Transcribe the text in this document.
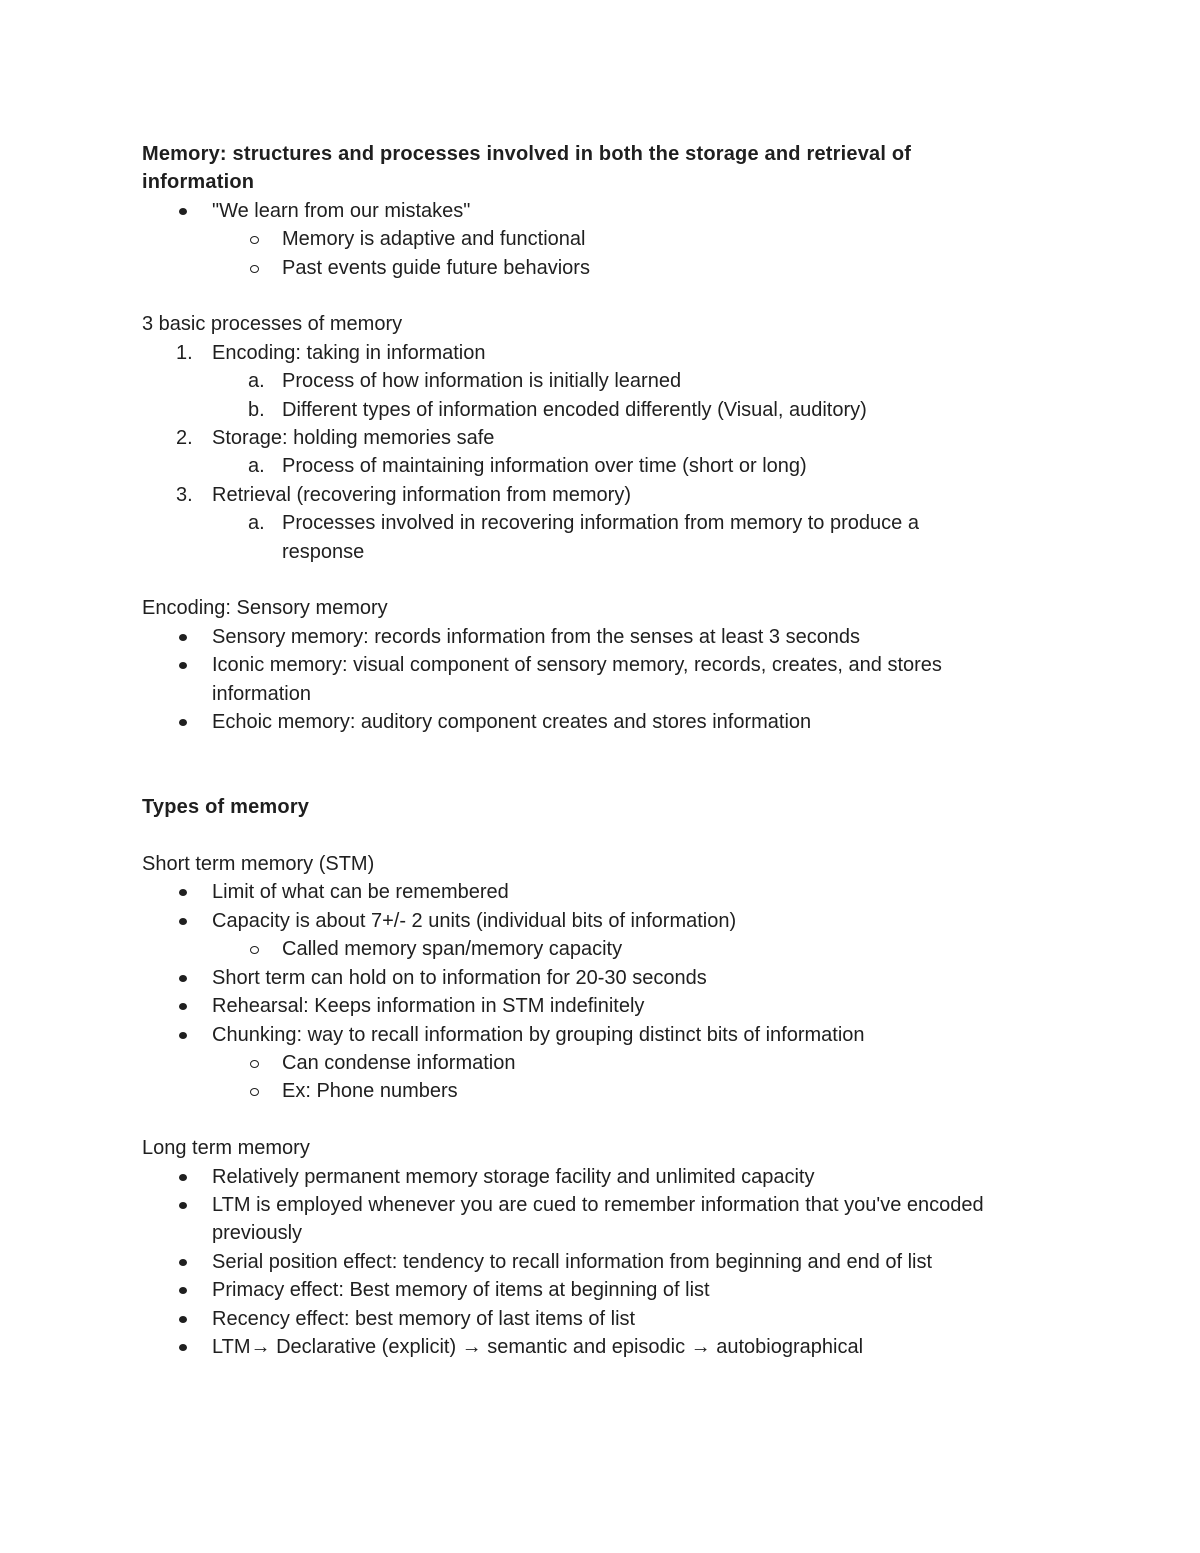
Memory: structures and processes involved in both the storage and retrieval of
information
"We learn from our mistakes"
Memory is adaptive and functional
Past events guide future behaviors
3 basic processes of memory
1. Encoding: taking in information
a. Process of how information is initially learned
b. Different types of information encoded differently (Visual, auditory)
2. Storage: holding memories safe
a. Process of maintaining information over time (short or long)
3. Retrieval (recovering information from memory)
a. Processes involved in recovering information from memory to produce a response
Encoding: Sensory memory
Sensory memory: records information from the senses at least 3 seconds
Iconic memory: visual component of sensory memory, records, creates, and stores information
Echoic memory: auditory component creates and stores information
Types of memory
Short term memory (STM)
Limit of what can be remembered
Capacity is about 7+/- 2 units (individual bits of information)
Called memory span/memory capacity
Short term can hold on to information for 20-30 seconds
Rehearsal: Keeps information in STM indefinitely
Chunking: way to recall information by grouping distinct bits of information
Can condense information
Ex: Phone numbers
Long term memory
Relatively permanent memory storage facility and unlimited capacity
LTM is employed whenever you are cued to remember information that you've encoded previously
Serial position effect: tendency to recall information from beginning and end of list
Primacy effect: Best memory of items at beginning of list
Recency effect: best memory of last items of list
LTM→ Declarative (explicit) → semantic and episodic → autobiographical
